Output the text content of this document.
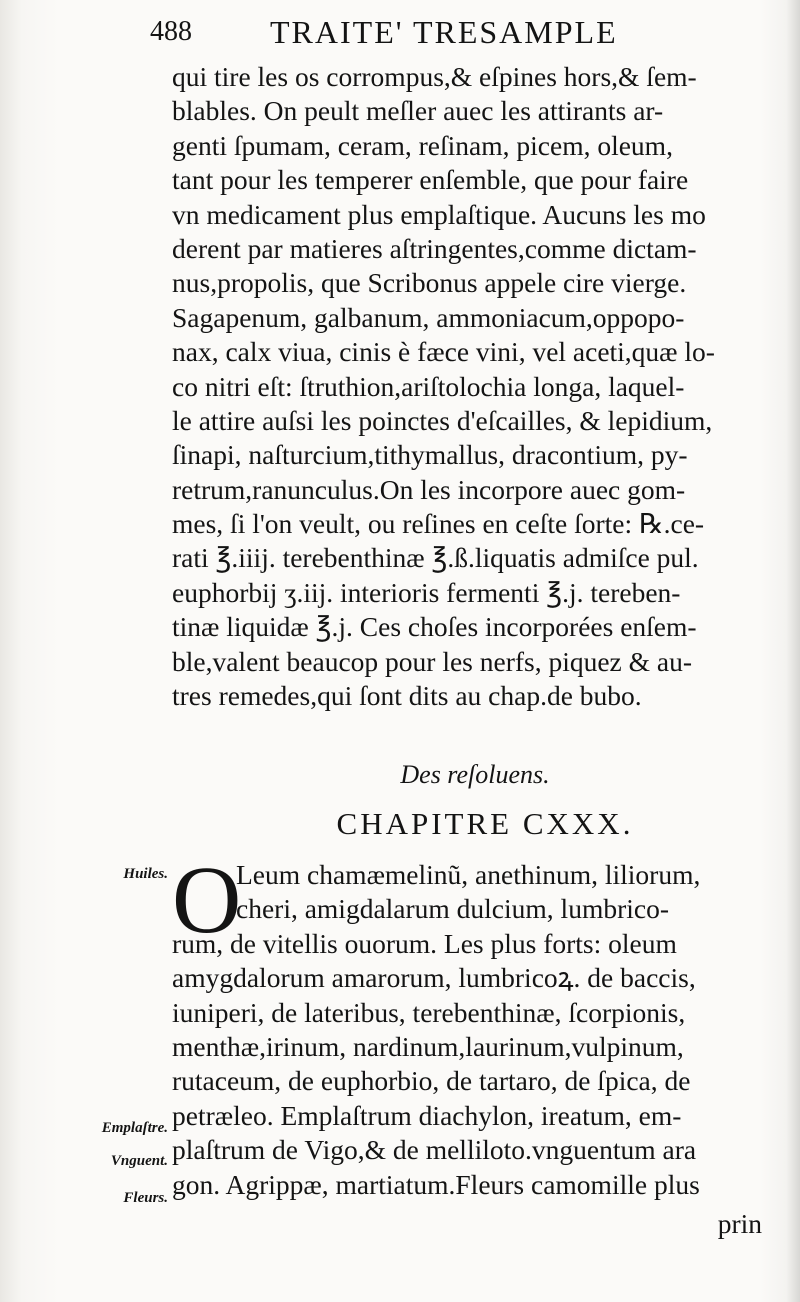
488 TRAITE' TRESAMPLE
qui tire les os corrompus,& eſpines hors,& ſem-
blables. On peult meſler auec les attirants ar-
genti ſpumam, ceram, reſinam, picem, oleum,
tant pour les temperer enſemble, que pour faire
vn medicament plus emplaſtique. Aucuns les mo
derent par matieres aſtringentes,comme dictam-
nus,propolis, que Scribonus appele cire vierge.
Sagapenum, galbanum, ammoniacum,oppopo-
nax, calx viua, cinis è fæce vini, vel aceti,quæ lo-
co nitri eſt: ſtruthion,ariſtolochia longa, laquel-
le attire auſsi les poinctes d'eſcailles, & lepidium,
ſinapi, naſturcium,tithymallus, dracontium, py-
retrum,ranunculus.On les incorpore auec gom-
mes, ſi l'on veult, ou reſines en ceſte ſorte: ℞.ce-
rati ℥.iiij. terebenthinæ ℥.ß.liquatis admiſce pul.
euphorbij ʒ.iij. interioris fermenti ℥.j. tereben-
tinæ liquidæ ℥.j. Ces choſes incorporées enſem-
ble,valent beaucop pour les nerfs, piquez & au-
tres remedes,qui ſont dits au chap.de bubo.
Des reſoluens.
CHAPITRE CXXX.
O
Leum chamæmelinũ, anethinum, liliorum,
cheri, amigdalarum dulcium, lumbrico-
rum, de vitellis ouorum. Les plus forts: oleum
amygdalorum amarorum, lumbricoꝝ. de baccis,
iuniperi, de lateribus, terebenthinæ, ſcorpionis,
menthæ,irinum, nardinum,laurinum,vulpinum,
rutaceum, de euphorbio, de tartaro, de ſpica, de
petræleo. Emplaſtrum diachylon, ireatum, em-
plaſtrum de Vigo,& de melliloto.vnguentum ara
gon. Agrippæ, martiatum.Fleurs camomille plus
Huiles.
Emplaſtre.
Vnguent.
Fleurs.
prin
